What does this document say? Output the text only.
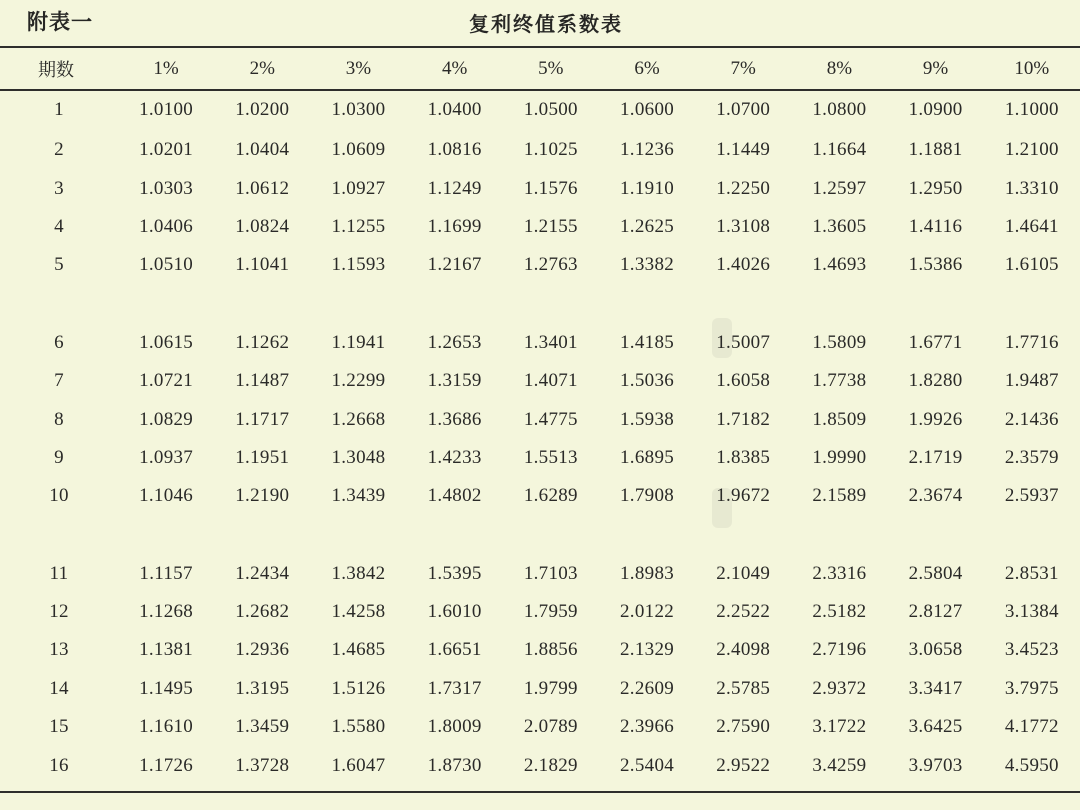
附表一	复利终值系数表
期数	1%	2%	3%	4%	5%	6%	7%	8%	9%	10%
1	1.0100	1.0200	1.0300	1.0400	1.0500	1.0600	1.0700	1.0800	1.0900	1.1000
2	1.0201	1.0404	1.0609	1.0816	1.1025	1.1236	1.1449	1.1664	1.1881	1.2100
3	1.0303	1.0612	1.0927	1.1249	1.1576	1.1910	1.2250	1.2597	1.2950	1.3310
4	1.0406	1.0824	1.1255	1.1699	1.2155	1.2625	1.3108	1.3605	1.4116	1.4641
5	1.0510	1.1041	1.1593	1.2167	1.2763	1.3382	1.4026	1.4693	1.5386	1.6105

6	1.0615	1.1262	1.1941	1.2653	1.3401	1.4185	1.5007	1.5809	1.6771	1.7716
7	1.0721	1.1487	1.2299	1.3159	1.4071	1.5036	1.6058	1.7738	1.8280	1.9487
8	1.0829	1.1717	1.2668	1.3686	1.4775	1.5938	1.7182	1.8509	1.9926	2.1436
9	1.0937	1.1951	1.3048	1.4233	1.5513	1.6895	1.8385	1.9990	2.1719	2.3579
10	1.1046	1.2190	1.3439	1.4802	1.6289	1.7908	1.9672	2.1589	2.3674	2.5937

11	1.1157	1.2434	1.3842	1.5395	1.7103	1.8983	2.1049	2.3316	2.5804	2.8531
12	1.1268	1.2682	1.4258	1.6010	1.7959	2.0122	2.2522	2.5182	2.8127	3.1384
13	1.1381	1.2936	1.4685	1.6651	1.8856	2.1329	2.4098	2.7196	3.0658	3.4523
14	1.1495	1.3195	1.5126	1.7317	1.9799	2.2609	2.5785	2.9372	3.3417	3.7975
15	1.1610	1.3459	1.5580	1.8009	2.0789	2.3966	2.7590	3.1722	3.6425	4.1772
16	1.1726	1.3728	1.6047	1.8730	2.1829	2.5404	2.9522	3.4259	3.9703	4.5950
